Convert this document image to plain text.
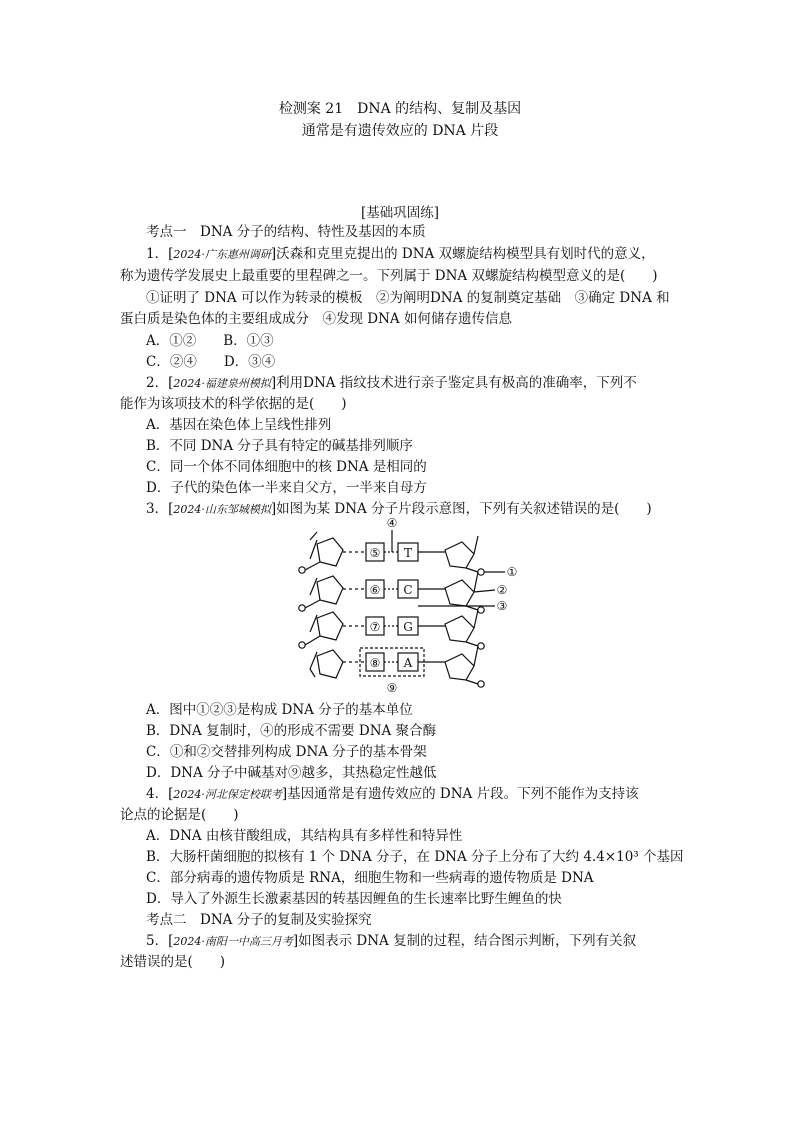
检测案 21　DNA 的结构、复制及基因
通常是有遗传效应的 DNA 片段
[基础巩固练]
考点一　DNA 分子的结构、特性及基因的本质
1．[2024·广东惠州调研]沃森和克里克提出的 DNA 双螺旋结构模型具有划时代的意义，
称为遗传学发展史上最重要的里程碑之一。下列属于 DNA 双螺旋结构模型意义的是(　　)
①证明了 DNA 可以作为转录的模板　②为阐明DNA 的复制奠定基础　③确定 DNA 和
蛋白质是染色体的主要组成成分　④发现 DNA 如何储存遗传信息
A．①②　　B．①③
C．②④　　D．③④
2．[2024·福建泉州模拟]利用DNA 指纹技术进行亲子鉴定具有极高的准确率，下列不
能作为该项技术的科学依据的是(　　)
A．基因在染色体上呈线性排列
B．不同 DNA 分子具有特定的碱基排列顺序
C．同一个体不同体细胞中的核 DNA 是相同的
D．子代的染色体一半来自父方，一半来自母方
3．[2024·山东邹城模拟]如图为某 DNA 分子片段示意图，下列有关叙述错误的是(　　)
⑤
⑥
⑦
⑧
T
C
G
A
①
②
③
④
⑨
A．图中①②③是构成 DNA 分子的基本单位
B．DNA 复制时，④的形成不需要 DNA 聚合酶
C．①和②交替排列构成 DNA 分子的基本骨架
D．DNA 分子中碱基对⑨越多，其热稳定性越低
4．[2024·河北保定校联考]基因通常是有遗传效应的 DNA 片段。下列不能作为支持该
论点的论据是(　　)
A．DNA 由核苷酸组成，其结构具有多样性和特异性
B．大肠杆菌细胞的拟核有 1 个 DNA 分子，在 DNA 分子上分布了大约 4.4×10³ 个基因
C．部分病毒的遗传物质是 RNA，细胞生物和一些病毒的遗传物质是 DNA
D．导入了外源生长激素基因的转基因鲤鱼的生长速率比野生鲤鱼的快
考点二　DNA 分子的复制及实验探究
5．[2024·南阳一中高三月考]如图表示 DNA 复制的过程，结合图示判断，下列有关叙
述错误的是(　　)
